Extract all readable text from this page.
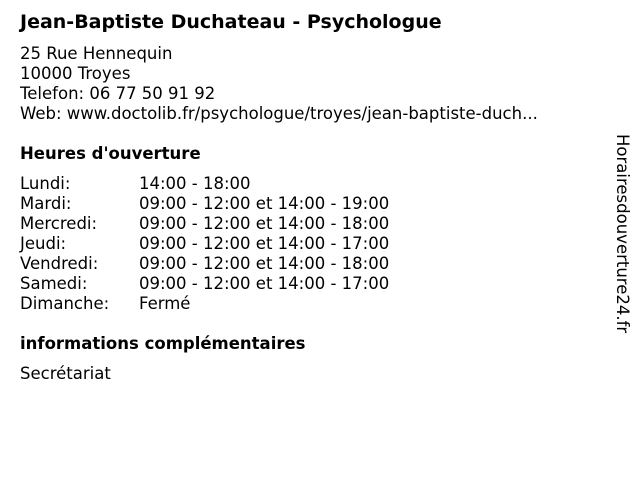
Jean-Baptiste Duchateau - Psychologue
25 Rue Hennequin
10000 Troyes
Telefon: 06 77 50 91 92
Web: www.doctolib.fr/psychologue/troyes/jean-baptiste-duch...
Heures d'ouverture
Lundi:	14:00 - 18:00
Mardi:	09:00 - 12:00 et 14:00 - 19:00
Mercredi:	09:00 - 12:00 et 14:00 - 18:00
Jeudi:	09:00 - 12:00 et 14:00 - 17:00
Vendredi: 09:00 - 12:00 et 14:00 - 18:00
Samedi:	09:00 - 12:00 et 14:00 - 17:00
Dimanche: Fermé
informations complémentaires
Secrétariat
Horairesdouverture24.fr
